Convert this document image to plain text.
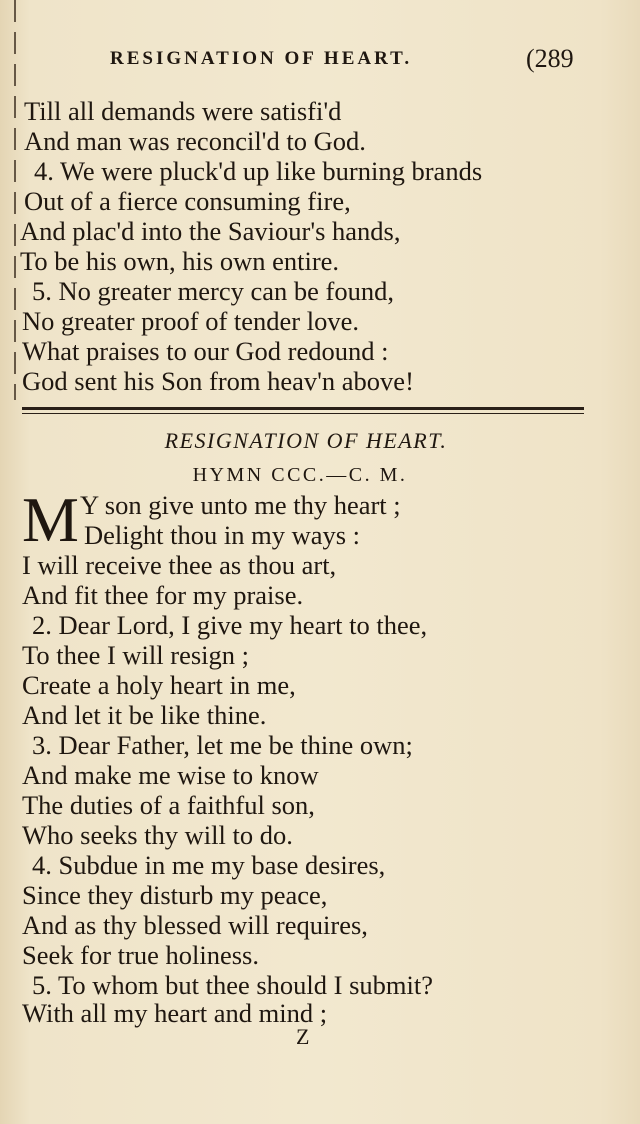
RESIGNATION OF HEART.	(289
Till all demands were satisfi'd
And man was reconcil'd to God.
4. We were pluck'd up like burning brands
Out of a fierce consuming fire,
And plac'd into the Saviour's hands,
To be his own, his own entire.
5. No greater mercy can be found,
No greater proof of tender love.
What praises to our God redound :
God sent his Son from heav'n above!
RESIGNATION OF HEART.
HYMN CCC.—C. M.
M Y son give unto me thy heart ;
Delight thou in my ways :
I will receive thee as thou art,
And fit thee for my praise.
2. Dear Lord, I give my heart to thee,
To thee I will resign ;
Create a holy heart in me,
And let it be like thine.
3. Dear Father, let me be thine own;
And make me wise to know
The duties of a faithful son,
Who seeks thy will to do.
4. Subdue in me my base desires,
Since they disturb my peace,
And as thy blessed will requires,
Seek for true holiness.
5. To whom but thee should I submit?
With all my heart and mind ;
Z
